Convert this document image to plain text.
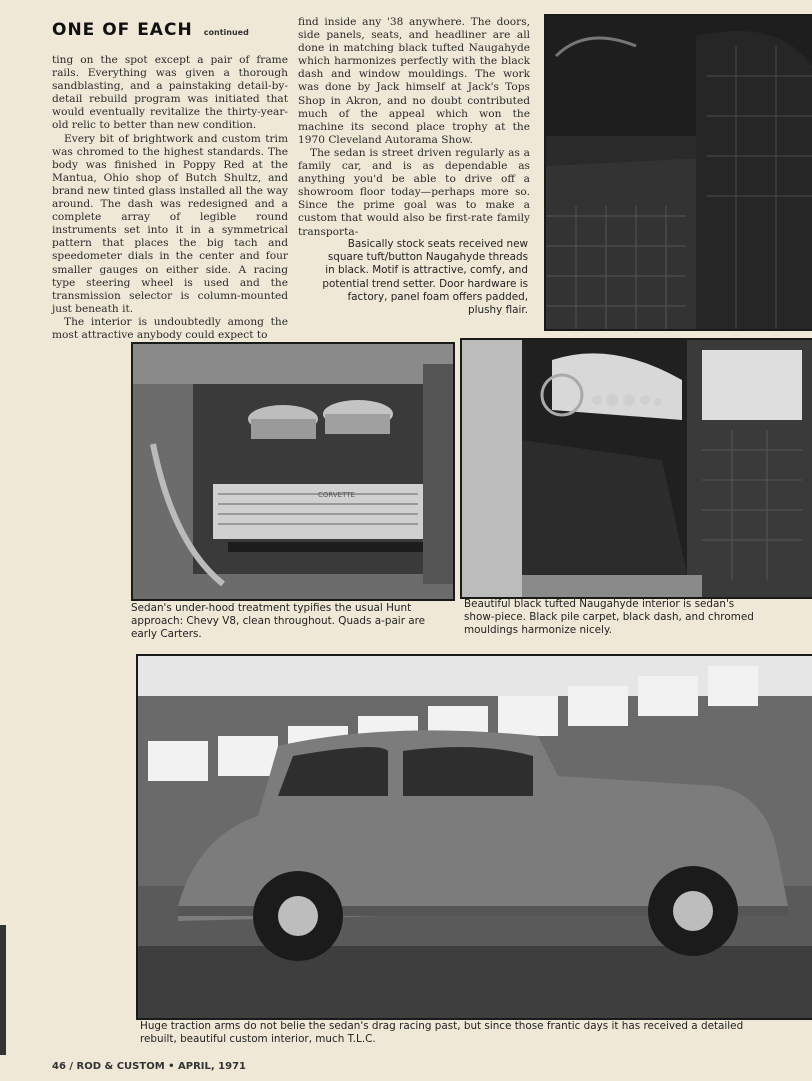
ONE OF EACH continued

ting on the spot except a pair of frame rails. Everything was given a thorough sandblasting, and a painstaking detail-by-detail rebuild program was initiated that would eventually revitalize the thirty-year-old relic to better than new condition.

Every bit of brightwork and custom trim was chromed to the highest standards. The body was finished in Poppy Red at the Mantua, Ohio shop of Butch Shultz, and brand new tinted glass installed all the way around. The dash was redesigned and a complete array of legible round instruments set into it in a symmetrical pattern that places the big tach and speedometer dials in the center and four smaller gauges on either side. A racing type steering wheel is used and the transmission selector is column-mounted just beneath it.

The interior is undoubtedly among the most attractive anybody could expect to

find inside any '38 anywhere. The doors, side panels, seats, and headliner are all done in matching black tufted Naugahyde which harmonizes perfectly with the black dash and window mouldings. The work was done by Jack himself at Jack's Tops Shop in Akron, and no doubt contributed much of the appeal which won the machine its second place trophy at the 1970 Cleveland Autorama Show.

The sedan is street driven regularly as a family car, and is as dependable as anything you'd be able to drive off a showroom floor today—perhaps more so. Since the prime goal was to make a custom that would also be first-rate family transporta-

Basically stock seats received new square tuft/button Naugahyde threads in black. Motif is attractive, comfy, and potential trend setter. Door hardware is factory, panel foam offers padded, plushy flair.
CORVETTE
Sedan's under-hood treatment typifies the usual Hunt approach: Chevy V8, clean throughout. Quads a-pair are early Carters.
Beautiful black tufted Naugahyde interior is sedan's show-piece. Black pile carpet, black dash, and chromed mouldings harmonize nicely.
Huge traction arms do not belie the sedan's drag racing past, but since those frantic days it has received a detailed rebuilt, beautiful custom interior, much T.L.C.
46 / ROD & CUSTOM • APRIL, 1971
